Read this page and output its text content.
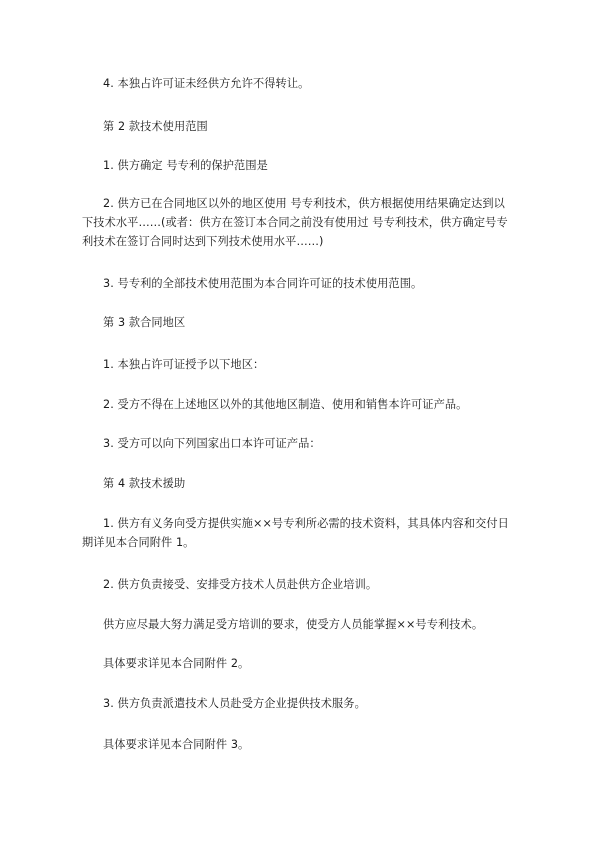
4. 本独占许可证未经供方允许不得转让。

第 2 款技术使用范围

1. 供方确定 号专利的保护范围是

2. 供方已在合同地区以外的地区使用 号专利技术，供方根据使用结果确定达到以下技术水平……(或者：供方在签订本合同之前没有使用过 号专利技术，供方确定号专利技术在签订合同时达到下列技术使用水平……)

3. 号专利的全部技术使用范围为本合同许可证的技术使用范围。

第 3 款合同地区

1. 本独占许可证授予以下地区：

2. 受方不得在上述地区以外的其他地区制造、使用和销售本许可证产品。

3. 受方可以向下列国家出口本许可证产品：

第 4 款技术援助

1. 供方有义务向受方提供实施××号专利所必需的技术资料，其具体内容和交付日期详见本合同附件 1。

2. 供方负责接受、安排受方技术人员赴供方企业培训。

供方应尽最大努力满足受方培训的要求，使受方人员能掌握××号专利技术。

具体要求详见本合同附件 2。

3. 供方负责派遣技术人员赴受方企业提供技术服务。

具体要求详见本合同附件 3。
